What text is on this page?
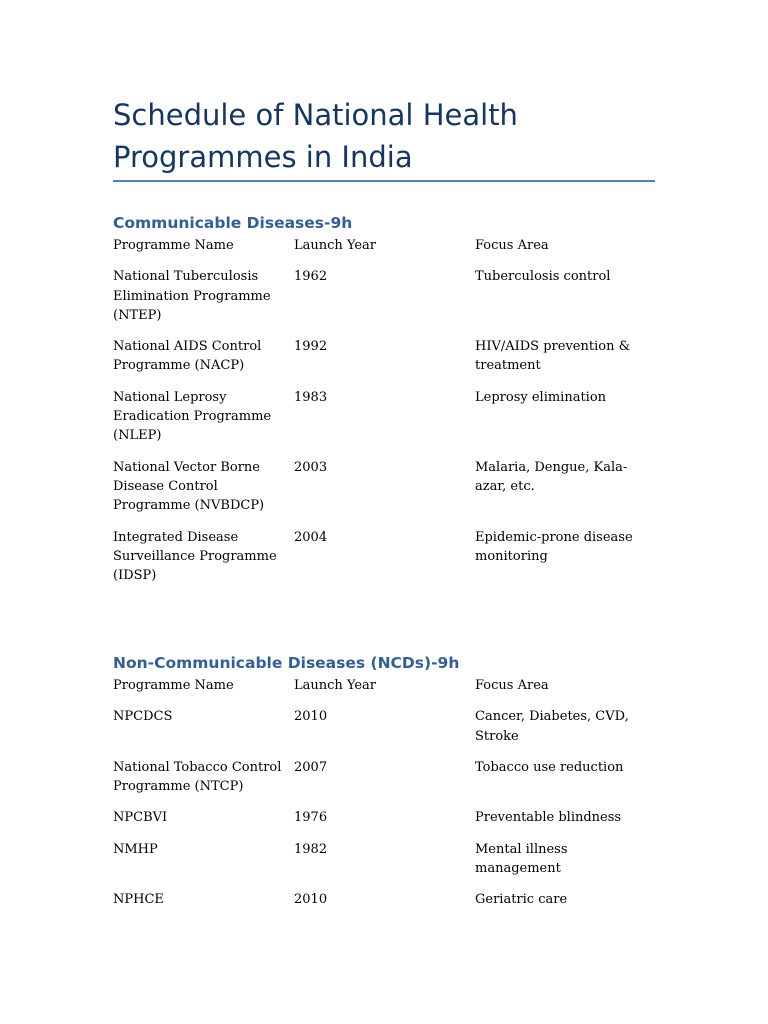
Schedule of National Health Programmes in India
Communicable Diseases-9h
Programme Name	Launch Year	Focus Area
National Tuberculosis Elimination Programme (NTEP)	1962	Tuberculosis control
National AIDS Control Programme (NACP)	1992	HIV/AIDS prevention & treatment
National Leprosy Eradication Programme (NLEP)	1983	Leprosy elimination
National Vector Borne Disease Control Programme (NVBDCP)	2003	Malaria, Dengue, Kala-azar, etc.
Integrated Disease Surveillance Programme (IDSP)	2004	Epidemic-prone disease monitoring
Non-Communicable Diseases (NCDs)-9h
Programme Name	Launch Year	Focus Area
NPCDCS	2010	Cancer, Diabetes, CVD, Stroke
National Tobacco Control Programme (NTCP)	2007	Tobacco use reduction
NPCBVI	1976	Preventable blindness
NMHP	1982	Mental illness management
NPHCE	2010	Geriatric care
